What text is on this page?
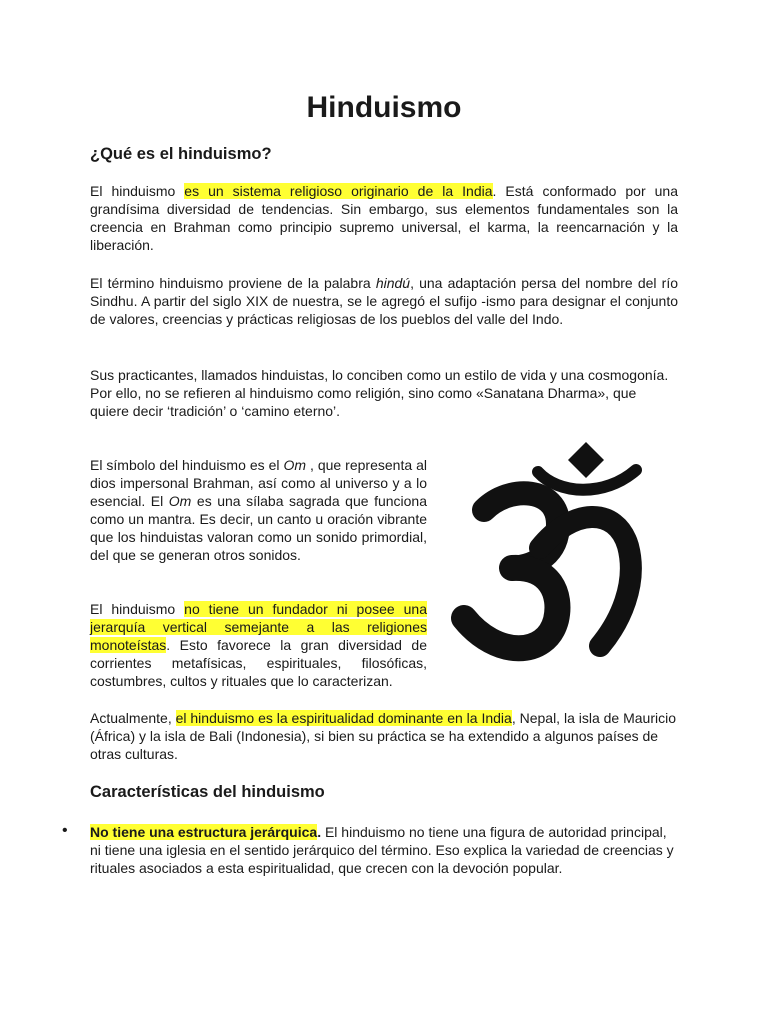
Hinduismo
¿Qué es el hinduismo?

El hinduismo es un sistema religioso originario de la India. Está conformado por una grandísima diversidad de tendencias. Sin embargo, sus elementos fundamentales son la creencia en Brahman como principio supremo universal, el karma, la reencarnación y la liberación.

El término hinduismo proviene de la palabra hindú, una adaptación persa del nombre del río Sindhu. A partir del siglo XIX de nuestra, se le agregó el sufijo -ismo para designar el conjunto de valores, creencias y prácticas religiosas de los pueblos del valle del Indo.

Sus practicantes, llamados hinduistas, lo conciben como un estilo de vida y una cosmogonía. Por ello, no se refieren al hinduismo como religión, sino como «Sanatana Dharma», que quiere decir ‘tradición’ o ‘camino eterno’.

El símbolo del hinduismo es el Om , que representa al dios impersonal Brahman, así como al universo y a lo esencial. El Om es una sílaba sagrada que funciona como un mantra. Es decir, un canto u oración vibrante que los hinduistas valoran como un sonido primordial, del que se generan otros sonidos.

El hinduismo no tiene un fundador ni posee una jerarquía vertical semejante a las religiones monoteístas. Esto favorece la gran diversidad de corrientes metafísicas, espirituales, filosóficas, costumbres, cultos y rituales que lo caracterizan.

Actualmente, el hinduismo es la espiritualidad dominante en la India, Nepal, la isla de Mauricio (África) y la isla de Bali (Indonesia), si bien su práctica se ha extendido a algunos países de otras culturas.

Características del hinduismo
• No tiene una estructura jerárquica. El hinduismo no tiene una figura de autoridad principal, ni tiene una iglesia en el sentido jerárquico del término. Eso explica la variedad de creencias y rituales asociados a esta espiritualidad, que crecen con la devoción popular.
